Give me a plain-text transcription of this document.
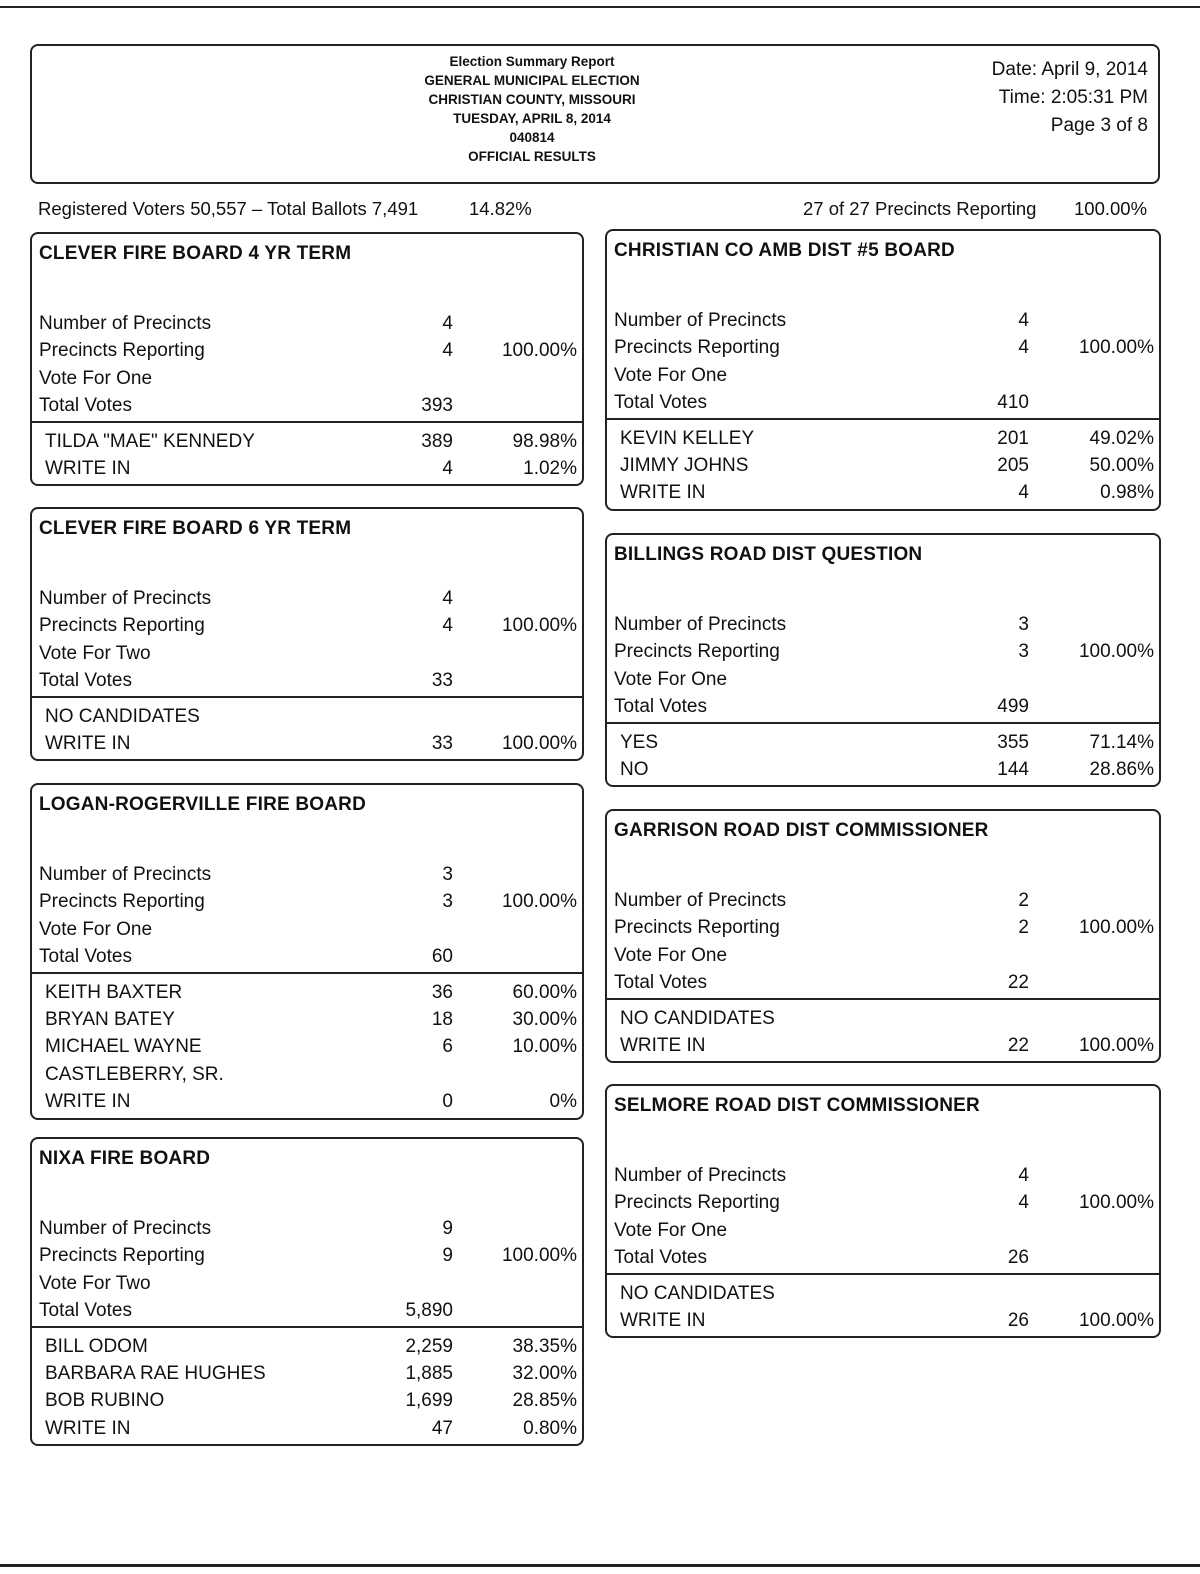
Election Summary Report
GENERAL MUNICIPAL ELECTION
CHRISTIAN COUNTY, MISSOURI
TUESDAY, APRIL 8, 2014
040814
OFFICIAL RESULTS
Date: April 9, 2014
Time: 2:05:31 PM
Page 3 of 8
Registered Voters 50,557 – Total Ballots 7,491	14.82%	27 of 27 Precincts Reporting 100.00%
CLEVER FIRE BOARD 4 YR TERM
Number of Precincts	4
Precincts Reporting	4	100.00%
Vote For One
Total Votes	393
TILDA "MAE" KENNEDY	389	98.98%
WRITE IN	4	1.02%
CLEVER FIRE BOARD 6 YR TERM
Number of Precincts	4
Precincts Reporting	4	100.00%
Vote For Two
Total Votes	33
NO CANDIDATES
WRITE IN	33	100.00%
LOGAN-ROGERVILLE FIRE BOARD
Number of Precincts	3
Precincts Reporting	3	100.00%
Vote For One
Total Votes	60
KEITH BAXTER	36	60.00%
BRYAN BATEY	18	30.00%
MICHAEL WAYNE	6	10.00%
CASTLEBERRY, SR.
WRITE IN	0	0%
NIXA FIRE BOARD
Number of Precincts	9
Precincts Reporting	9	100.00%
Vote For Two
Total Votes	5,890
BILL ODOM	2,259	38.35%
BARBARA RAE HUGHES	1,885	32.00%
BOB RUBINO	1,699	28.85%
WRITE IN	47	0.80%
CHRISTIAN CO AMB DIST #5 BOARD
Number of Precincts	4
Precincts Reporting	4	100.00%
Vote For One
Total Votes	410
KEVIN KELLEY	201	49.02%
JIMMY JOHNS	205	50.00%
WRITE IN	4	0.98%
BILLINGS ROAD DIST QUESTION
Number of Precincts	3
Precincts Reporting	3	100.00%
Vote For One
Total Votes	499
YES	355	71.14%
NO	144	28.86%
GARRISON ROAD DIST COMMISSIONER
Number of Precincts	2
Precincts Reporting	2	100.00%
Vote For One
Total Votes	22
NO CANDIDATES
WRITE IN	22	100.00%
SELMORE ROAD DIST COMMISSIONER
Number of Precincts	4
Precincts Reporting	4	100.00%
Vote For One
Total Votes	26
NO CANDIDATES
WRITE IN	26	100.00%
